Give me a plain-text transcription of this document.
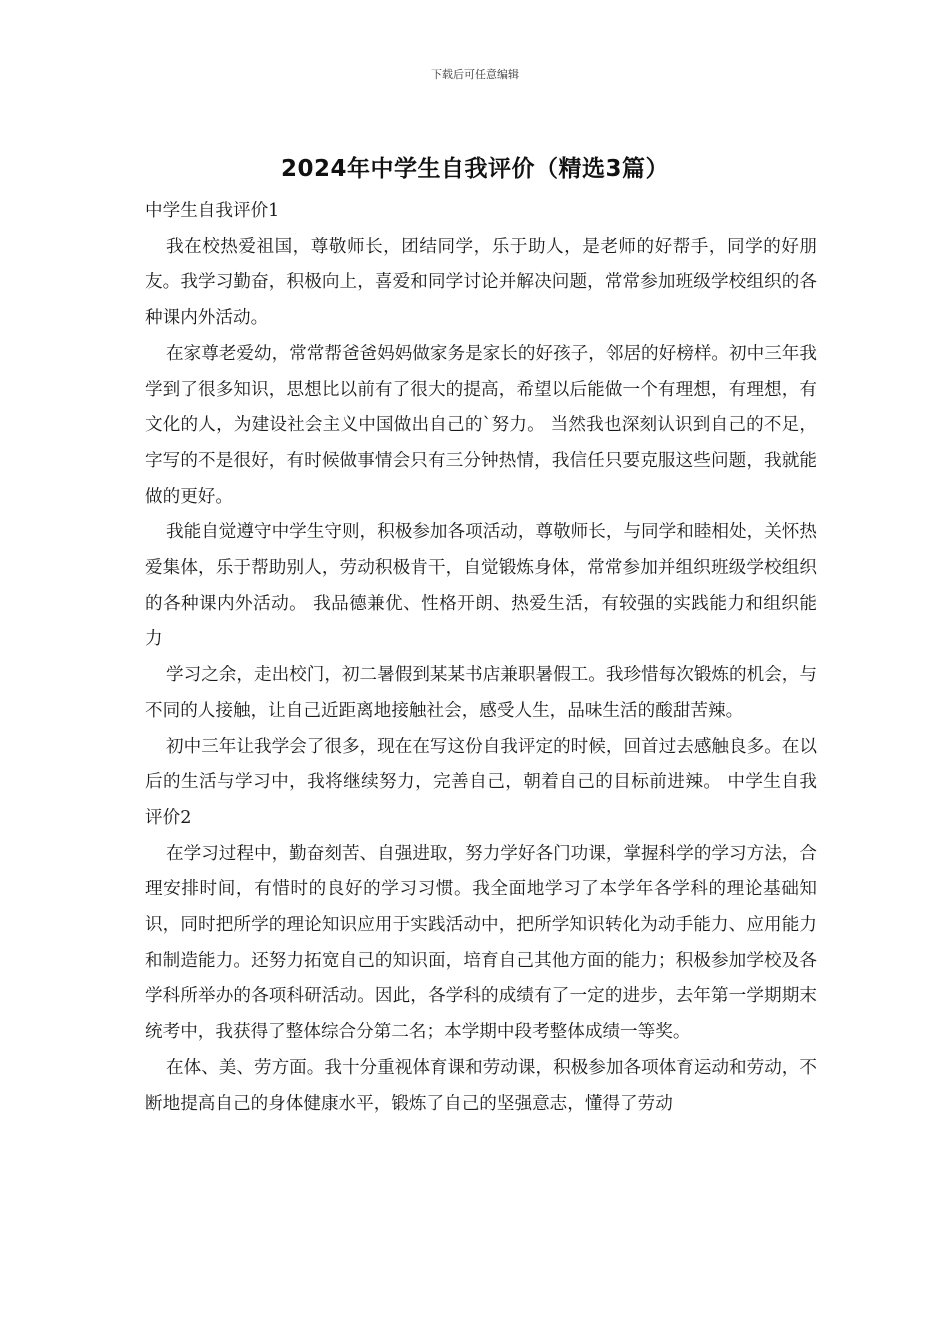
下载后可任意编辑
2024年中学生自我评价（精选3篇）

中学生自我评价1

我在校热爱祖国，尊敬师长，团结同学，乐于助人，是老师的好帮手，同学的好朋友。我学习勤奋，积极向上，喜爱和同学讨论并解决问题，常常参加班级学校组织的各种课内外活动。

在家尊老爱幼，常常帮爸爸妈妈做家务是家长的好孩子，邻居的好榜样。初中三年我学到了很多知识，思想比以前有了很大的提高，希望以后能做一个有理想，有理想，有文化的人，为建设社会主义中国做出自己的`努力。 当然我也深刻认识到自己的不足，字写的不是很好，有时候做事情会只有三分钟热情，我信任只要克服这些问题，我就能做的更好。

我能自觉遵守中学生守则，积极参加各项活动，尊敬师长，与同学和睦相处，关怀热爱集体，乐于帮助别人，劳动积极肯干，自觉锻炼身体，常常参加并组织班级学校组织的各种课内外活动。 我品德兼优、性格开朗、热爱生活，有较强的实践能力和组织能力

学习之余，走出校门，初二暑假到某某书店兼职暑假工。我珍惜每次锻炼的机会，与不同的人接触，让自己近距离地接触社会，感受人生，品味生活的酸甜苦辣。

初中三年让我学会了很多，现在在写这份自我评定的时候，回首过去感触良多。在以后的生活与学习中，我将继续努力，完善自己，朝着自己的目标前进辣。 中学生自我评价2

在学习过程中，勤奋刻苦、自强进取，努力学好各门功课，掌握科学的学习方法，合理安排时间，有惜时的良好的学习习惯。我全面地学习了本学年各学科的理论基础知识，同时把所学的理论知识应用于实践活动中，把所学知识转化为动手能力、应用能力和制造能力。还努力拓宽自己的知识面，培育自己其他方面的能力；积极参加学校及各学科所举办的各项科研活动。因此，各学科的成绩有了一定的进步，去年第一学期期末统考中，我获得了整体综合分第二名；本学期中段考整体成绩一等奖。

在体、美、劳方面。我十分重视体育课和劳动课，积极参加各项体育运动和劳动，不断地提高自己的身体健康水平，锻炼了自己的坚强意志，懂得了劳动
